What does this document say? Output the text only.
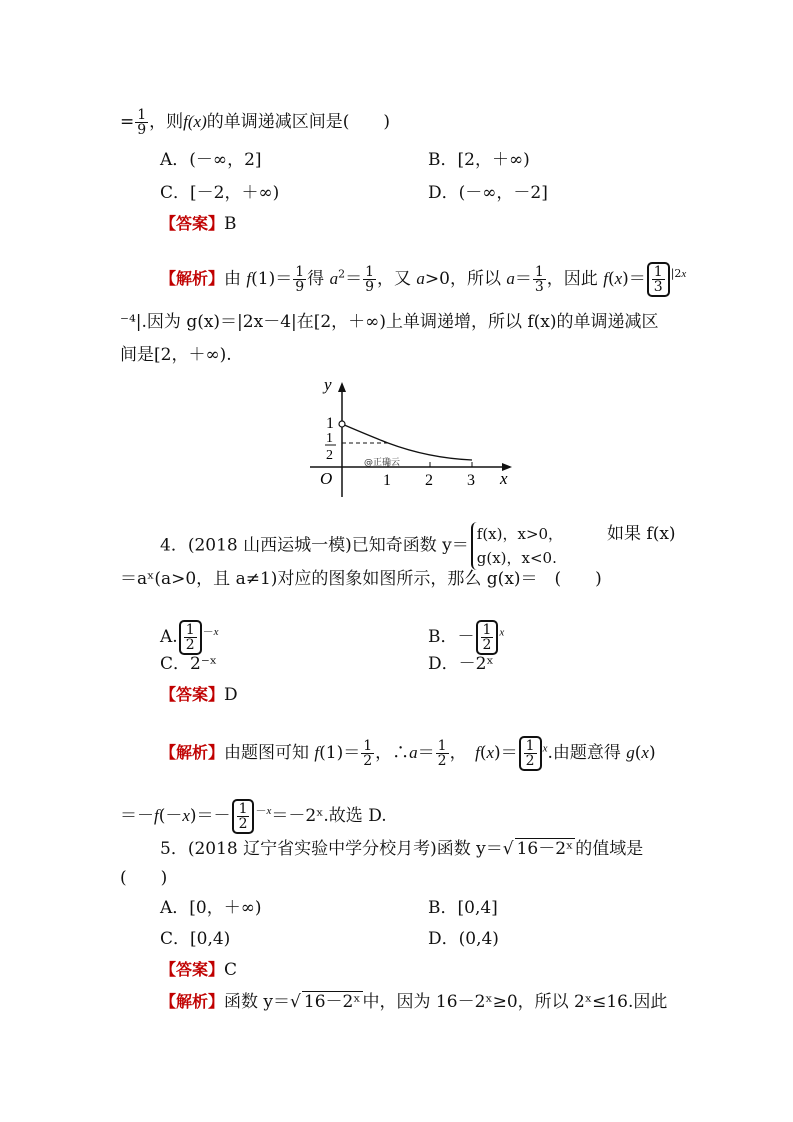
= $\frac{1}{9}$ ，则f(x)的单调递减区间是(　　)
A．(－∞，2]	B．[2，＋∞)
C．[－2，＋∞)	D．(－∞，－2]
【答案】B
【解析】由 $f(1)= \frac{1}{9}$ 得 $a^2= \frac{1}{9}$ ，又 a>0，所以 $a= \frac{1}{3}$ ，因此 $f(x)= \frac{1}{3} ^{|2x}$
⁻⁴|.因为 g(x)＝|2x－4|在[2，＋∞)上单调递增，所以 f(x)的单调递减区
间是[2，＋∞).
y
x
O
1
1
2
1 2 3
@正确云
4．(2018 山西运城一模)已知奇函数 y＝
f(x)，x>0，
g(x)，x<0.
如果 f(x)
＝aˣ(a>0，且 a≠1)对应的图象如图所示，那么 g(x)＝　(　　)
A. $\frac{1}{2} ^{-x}$	B．－ $\frac{1}{2} ^x$
C．2⁻ˣ	D．－2ˣ
【答案】D
【解析】由题图可知 $f(1)= \frac{1}{2}$ ，∴a＝ $\frac{1}{2}$ ，　$f(x)= \frac{1}{2} ^x$.由题意得 g(x)
$=-f(-x)=- \frac{1}{2}$ $^{-x}$＝－2ˣ.故选 D.
5．(2018 辽宁省实验中学分校月考)函数 y＝√ 16－2ˣ 的值域是
(　　)
A．[0，＋∞)	B．[0,4]
C．[0,4)	D．(0,4)
【答案】C
【解析】函数 y＝√ 16－2ˣ 中，因为 16－2ˣ≥0，所以 2ˣ≤16.因此
